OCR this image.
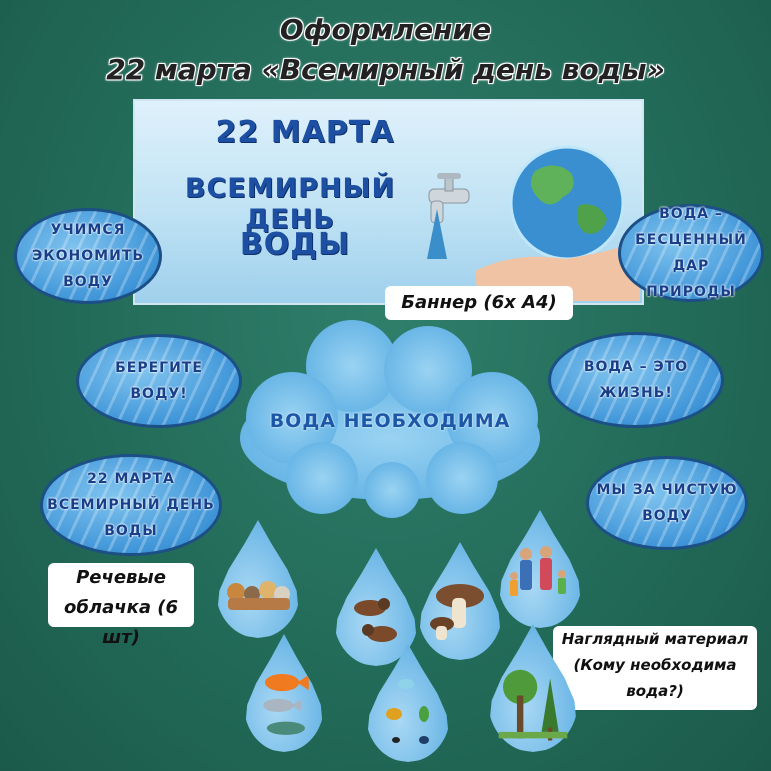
Оформление
22 марта «Всемирный день воды»
22 МАРТА
ВСЕМИРНЫЙ ДЕНЬ
ВОДЫ
Баннер (6х А4)
УЧИМСЯ
ЭКОНОМИТЬ
ВОДУ
ВОДА –
БЕСЦЕННЫЙ ДАР
ПРИРОДЫ
БЕРЕГИТЕ
ВОДУ!
ВОДА – ЭТО
ЖИЗНЬ!
22 МАРТА
ВСЕМИРНЫЙ ДЕНЬ
ВОДЫ
МЫ ЗА ЧИСТУЮ
ВОДУ
ВОДА НЕОБХОДИМА
Речевые
облачка (6 шт)	Наглядный материал
(Кому необходима
вода?)
